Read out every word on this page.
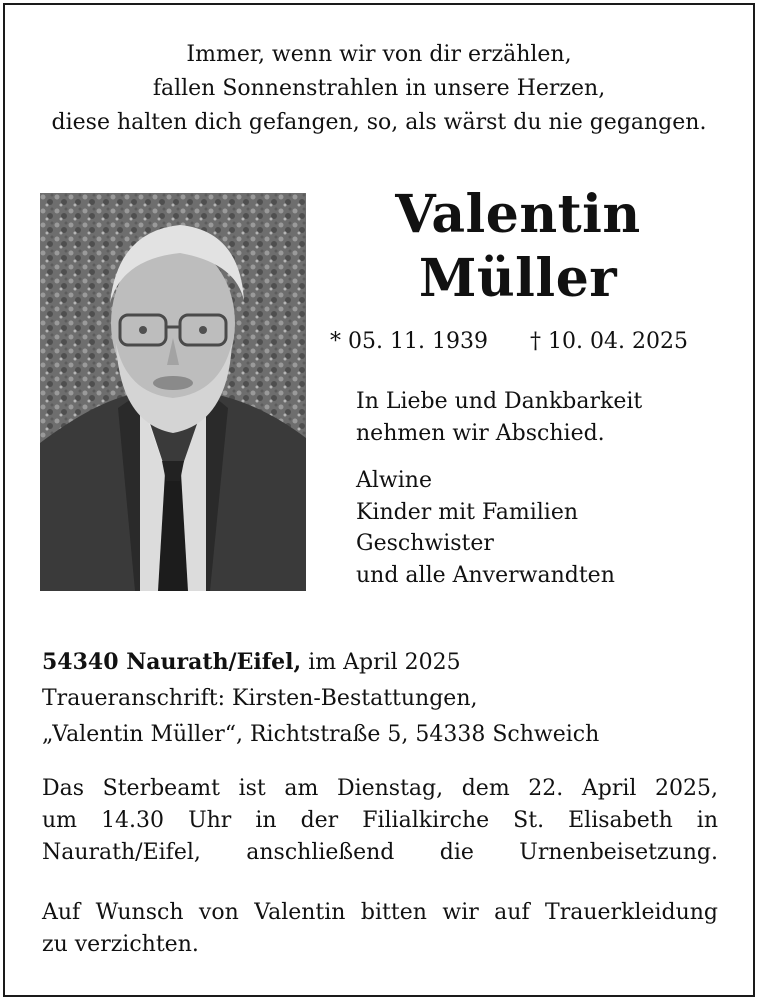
Immer, wenn wir von dir erzählen,
fallen Sonnenstrahlen in unsere Herzen,
diese halten dich gefangen, so, als wärst du nie gegangen.
Valentin
Müller
* 05. 11. 1939 † 10. 04. 2025
In Liebe und Dankbarkeit
nehmen wir Abschied.
Alwine
Kinder mit Familien
Geschwister
und alle Anverwandten
54340 Naurath/Eifel, im April 2025
Traueranschrift: Kirsten-Bestattungen,
„Valentin Müller“, Richtstraße 5, 54338 Schweich
Das Sterbeamt ist am Dienstag, dem 22. April 2025,
um 14.30 Uhr in der Filialkirche St. Elisabeth in
Naurath/Eifel, anschließend die Urnenbeisetzung.
Auf Wunsch von Valentin bitten wir auf Trauerkleidung
zu verzichten.
